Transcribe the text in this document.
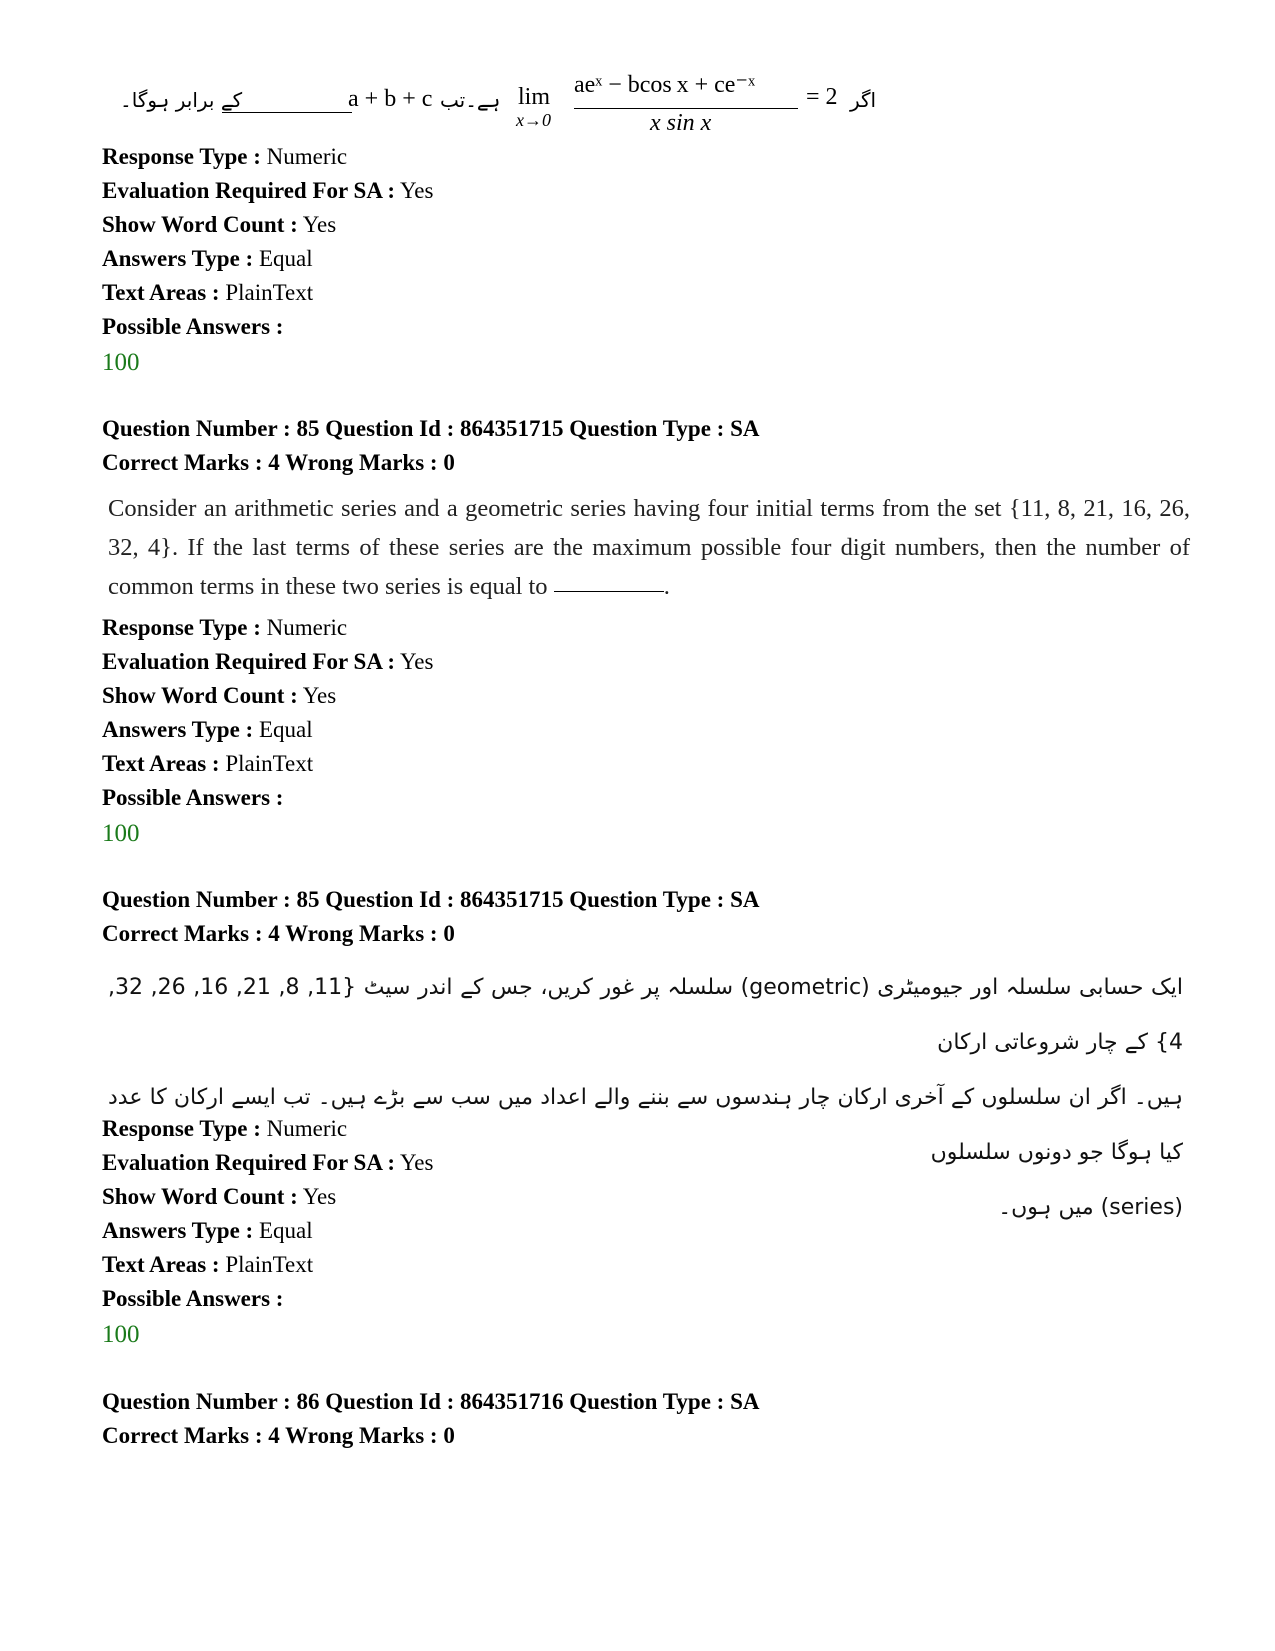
کے برابر ہوگا۔	a + b + c ہے۔تب lim
x→0
aeˣ − bcos x + ce⁻ˣ
x sin x
= 2 اگر
Response Type : Numeric
Evaluation Required For SA : Yes
Show Word Count : Yes
Answers Type : Equal
Text Areas : PlainText
Possible Answers :
100
Question Number : 85 Question Id : 864351715 Question Type : SA
Correct Marks : 4 Wrong Marks : 0
Consider an arithmetic series and a geometric series having four initial terms from the set {11, 8, 21, 16, 26, 32, 4}. If the last terms of these series are the maximum possible four digit numbers, then the number of common terms in these two series is equal to	.
Response Type : Numeric
Evaluation Required For SA : Yes
Show Word Count : Yes
Answers Type : Equal
Text Areas : PlainText
Possible Answers :
100
Question Number : 85 Question Id : 864351715 Question Type : SA
Correct Marks : 4 Wrong Marks : 0
ایک حسابی سلسلہ اور جیومیٹری (geometric) سلسلہ پر غور کریں، جس کے اندر سیٹ {11, 8, 21, 16, 26, 32, 4} کے چار شروعاتی ارکان
ہیں۔ اگر ان سلسلوں کے آخری ارکان چار ہندسوں سے بننے والے اعداد میں سب سے بڑے ہیں۔ تب ایسے ارکان کا عدد کیا ہوگا جو دونوں سلسلوں
(series) میں ہوں۔
Response Type : Numeric
Evaluation Required For SA : Yes
Show Word Count : Yes
Answers Type : Equal
Text Areas : PlainText
Possible Answers :
100
Question Number : 86 Question Id : 864351716 Question Type : SA
Correct Marks : 4 Wrong Marks : 0
